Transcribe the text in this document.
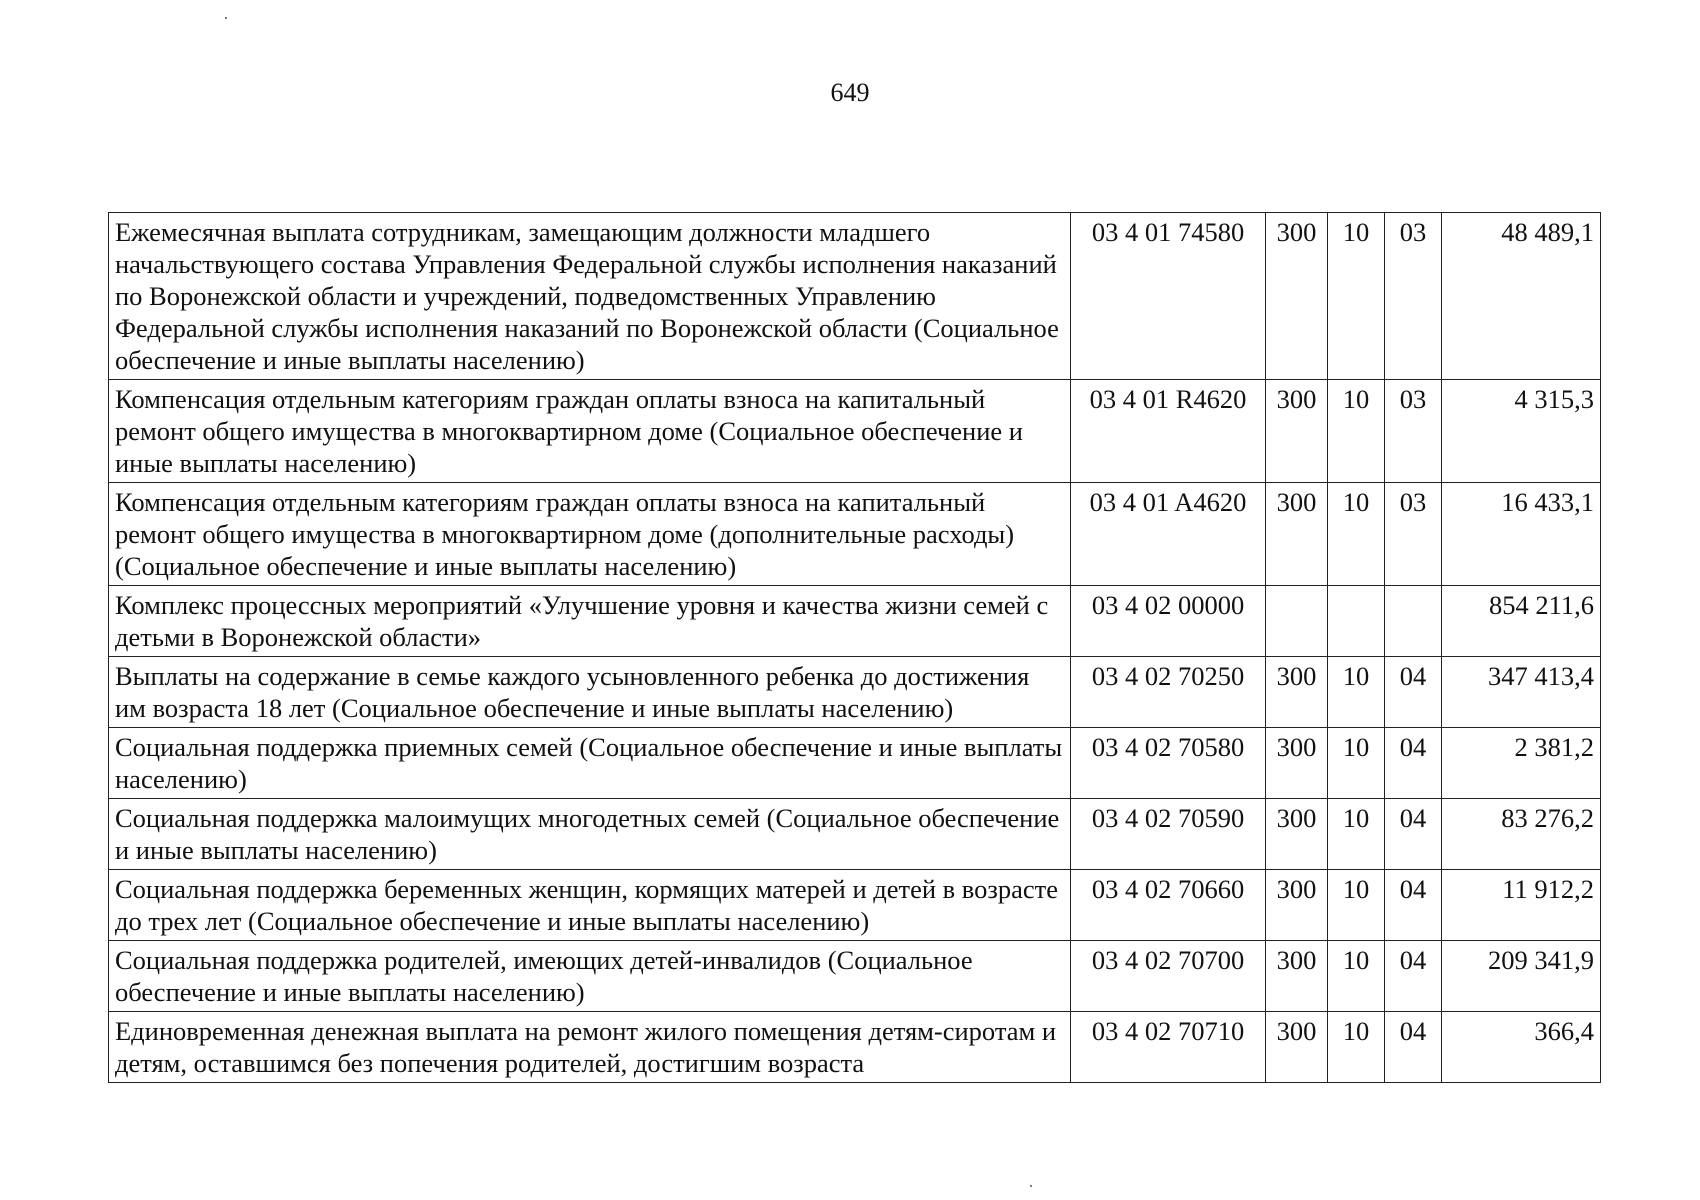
649
Ежемесячная выплата сотрудникам, замещающим должности младшего начальствующего состава Управления Федеральной службы исполнения наказаний по Воронежской области и учреждений, подведомственных Управлению Федеральной службы исполнения наказаний по Воронежской области (Социальное обеспечение и иные выплаты населению)	03 4 01 74580	300	10	03	48 489,1
Компенсация отдельным категориям граждан оплаты взноса на капитальный ремонт общего имущества в многоквартирном доме (Социальное обеспечение и иные выплаты населению)	03 4 01 R4620	300	10	03	4 315,3
Компенсация отдельным категориям граждан оплаты взноса на капитальный ремонт общего имущества в многоквартирном доме (дополнительные расходы) (Социальное обеспечение и иные выплаты населению)	03 4 01 A4620	300	10	03	16 433,1
Комплекс процессных мероприятий «Улучшение уровня и качества жизни семей с детьми в Воронежской области»	03 4 02 00000				854 211,6
Выплаты на содержание в семье каждого усыновленного ребенка до достижения им возраста 18 лет (Социальное обеспечение и иные выплаты населению)	03 4 02 70250	300	10	04	347 413,4
Социальная поддержка приемных семей (Социальное обеспечение и иные выплаты населению)	03 4 02 70580	300	10	04	2 381,2
Социальная поддержка малоимущих многодетных семей (Социальное обеспечение и иные выплаты населению)	03 4 02 70590	300	10	04	83 276,2
Социальная поддержка беременных женщин, кормящих матерей и детей в возрасте до трех лет (Социальное обеспечение и иные выплаты населению)	03 4 02 70660	300	10	04	11 912,2
Социальная поддержка родителей, имеющих детей-инвалидов (Социальное обеспечение и иные выплаты населению)	03 4 02 70700	300	10	04	209 341,9
Единовременная денежная выплата на ремонт жилого помещения детям-сиротам и детям, оставшимся без попечения родителей, достигшим возраста	03 4 02 70710	300	10	04	366,4
